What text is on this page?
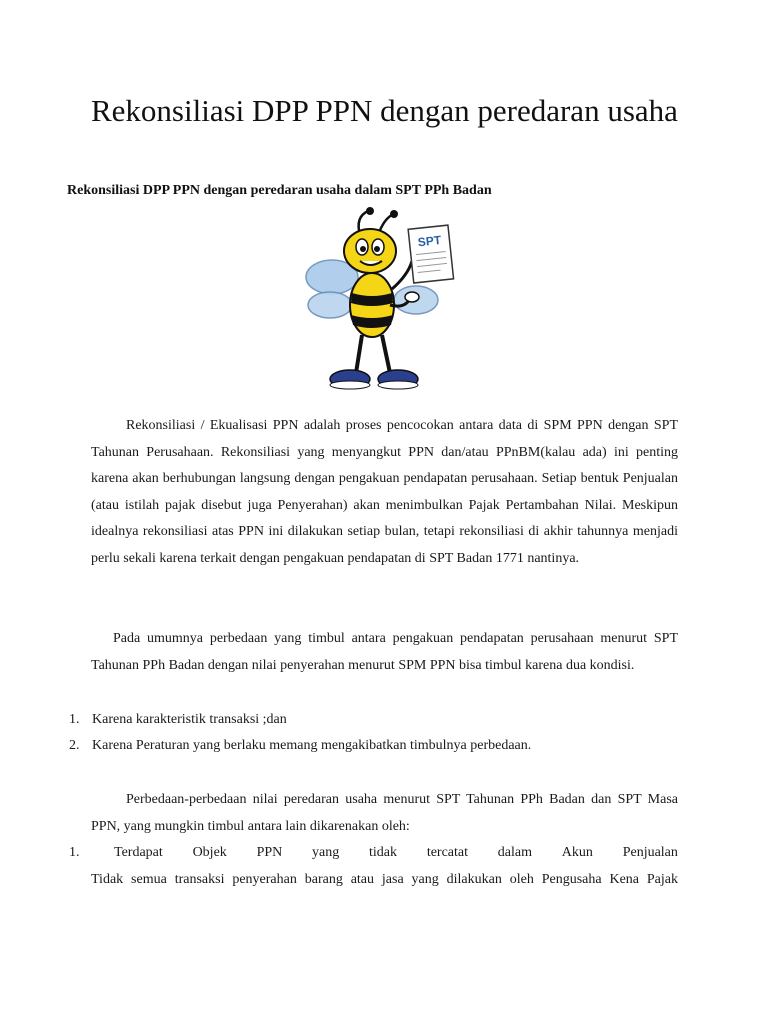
Rekonsiliasi DPP PPN dengan peredaran usaha

Rekonsiliasi DPP PPN dengan peredaran usaha dalam SPT PPh Badan

SPT

Rekonsiliasi / Ekualisasi PPN adalah proses pencocokan antara data di SPM PPN dengan SPT Tahunan Perusahaan. Rekonsiliasi yang menyangkut PPN dan/atau PPnBM(kalau ada) ini penting karena akan berhubungan langsung dengan pengakuan pendapatan perusahaan. Setiap bentuk Penjualan (atau istilah pajak disebut juga Penyerahan) akan menimbulkan Pajak Pertambahan Nilai. Meskipun idealnya rekonsiliasi atas PPN ini dilakukan setiap bulan, tetapi rekonsiliasi di akhir tahunnya menjadi perlu sekali karena terkait dengan pengakuan pendapatan di SPT Badan 1771 nantinya.

Pada umumnya perbedaan yang timbul antara pengakuan pendapatan perusahaan menurut SPT Tahunan PPh Badan dengan nilai penyerahan menurut SPM PPN bisa timbul karena dua kondisi.

1. Karena karakteristik transaksi ;dan
2. Karena Peraturan yang berlaku memang mengakibatkan timbulnya perbedaan.

Perbedaan-perbedaan nilai peredaran usaha menurut SPT Tahunan PPh Badan dan SPT Masa PPN, yang mungkin timbul antara lain dikarenakan oleh:

1. Terdapat Objek PPN yang tidak tercatat dalam Akun Penjualan
Tidak semua transaksi penyerahan barang atau jasa yang dilakukan oleh Pengusaha Kena Pajak
